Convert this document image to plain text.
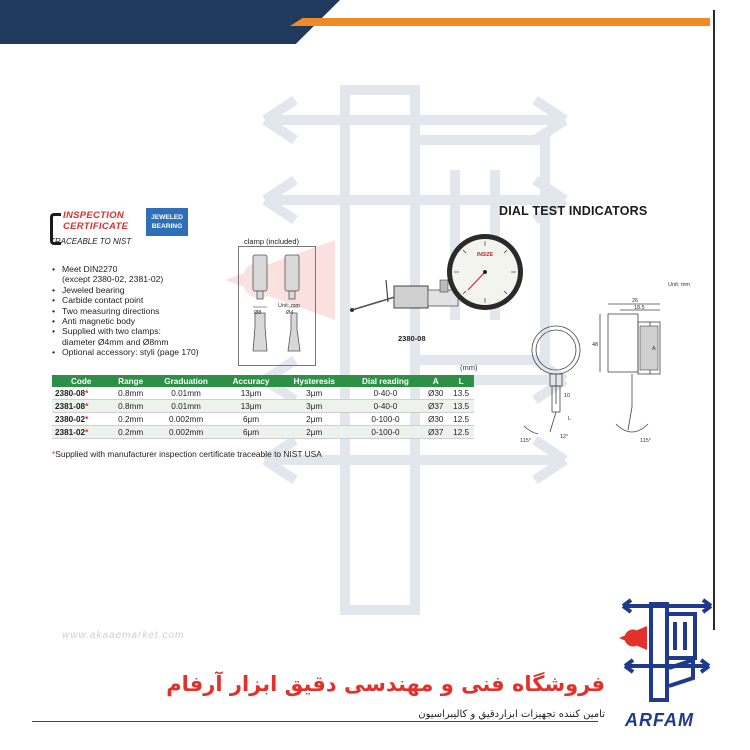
INSPECTION
CERTIFICATE
TRACEABLE TO NIST
JEWELED
BEARING
DIAL TEST INDICATORS
• Meet DIN2270
(except 2380-02, 2381-02)
• Jeweled bearing
• Carbide contact point
• Two measuring directions
• Anti magnetic body
• Supplied with two clamps:
diameter Ø4mm and Ø8mm
• Optional accessory: styli (page 170)
clamp (included)
Unit: mm
Ø8	Ø4
INSIZE
2380-08
(mm)
Code	Range	Graduation	Accuracy	Hysteresis	Dial reading	A	L
2380-08*	0.8mm	0.01mm	13μm	3μm	0-40-0	Ø30	13.5
2381-08*	0.8mm	0.01mm	13μm	3μm	0-40-0	Ø37	13.5
2380-02*	0.2mm	0.002mm	6μm	2μm	0-100-0	Ø30	12.5
2381-02*	0.2mm	0.002mm	6μm	2μm	0-100-0	Ø37	12.5
*Supplied with manufacturer inspection certificate traceable to NIST USA
26
18.5
48
A
10
L
115°	115°
12°
Unit: mm
www.akaaemarket.com
فروشگاه فنی و مهندسی دقیق ابزار آرفام
تامین کننده تجهیزات ابزاردقیق و کالیبراسیون ARFAM
